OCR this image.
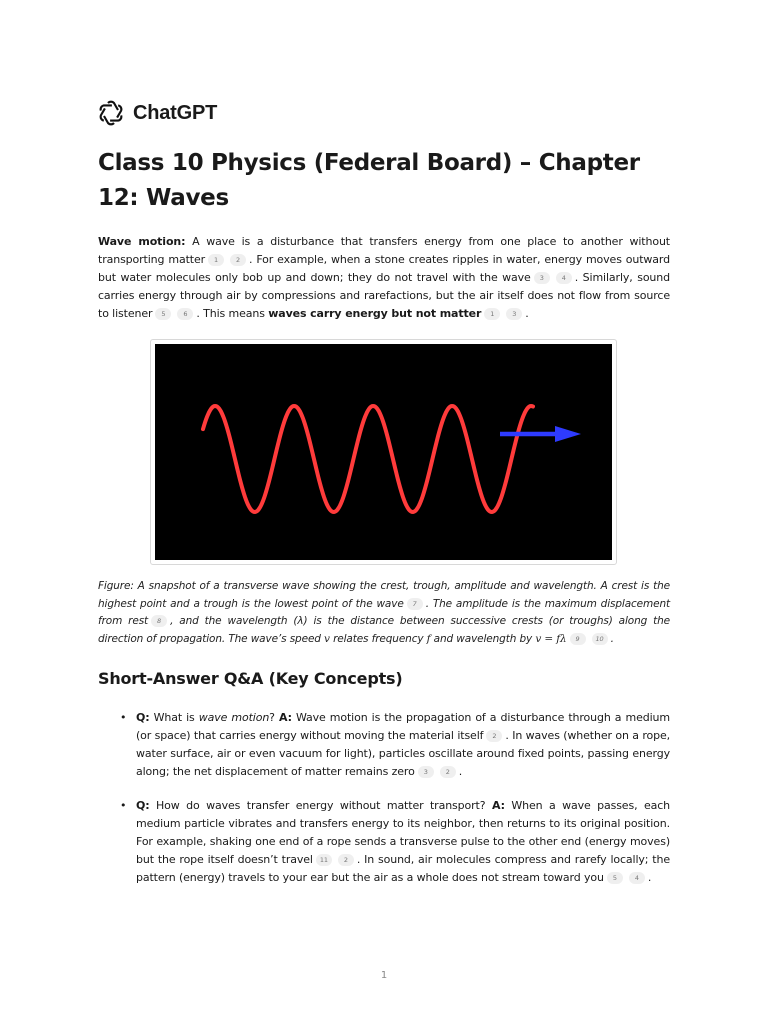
ChatGPT
Class 10 Physics (Federal Board) – Chapter 12: Waves

Wave motion: A wave is a disturbance that transfers energy from one place to another without transporting matter 1	2 . For example, when a stone creates ripples in water, energy moves outward but water molecules only bob up and down; they do not travel with the wave 3	4 . Similarly, sound carries energy through air by compressions and rarefactions, but the air itself does not flow from source to listener 5	6 . This means waves carry energy but not matter 1	3 .

Figure: A snapshot of a transverse wave showing the crest, trough, amplitude and wavelength. A crest is the highest point and a trough is the lowest point of the wave 7 . The amplitude is the maximum displacement from rest 8 , and the wavelength (λ) is the distance between successive crests (or troughs) along the direction of propagation. The wave’s speed v relates frequency f and wavelength by v = fλ 9 10 .

Short-Answer Q&A (Key Concepts)

• Q: What is wave motion? A: Wave motion is the propagation of a disturbance through a medium (or space) that carries energy without moving the material itself 2 . In waves (whether on a rope, water surface, air or even vacuum for light), particles oscillate around fixed points, passing energy along; the net displacement of matter remains zero 3	2 .

• Q: How do waves transfer energy without matter transport? A: When a wave passes, each medium particle vibrates and transfers energy to its neighbor, then returns to its original position. For example, shaking one end of a rope sends a transverse pulse to the other end (energy moves) but the rope itself doesn’t travel 11 2 . In sound, air molecules compress and rarefy locally; the pattern (energy) travels to your ear but the air as a whole does not stream toward you 5	4 .

1
